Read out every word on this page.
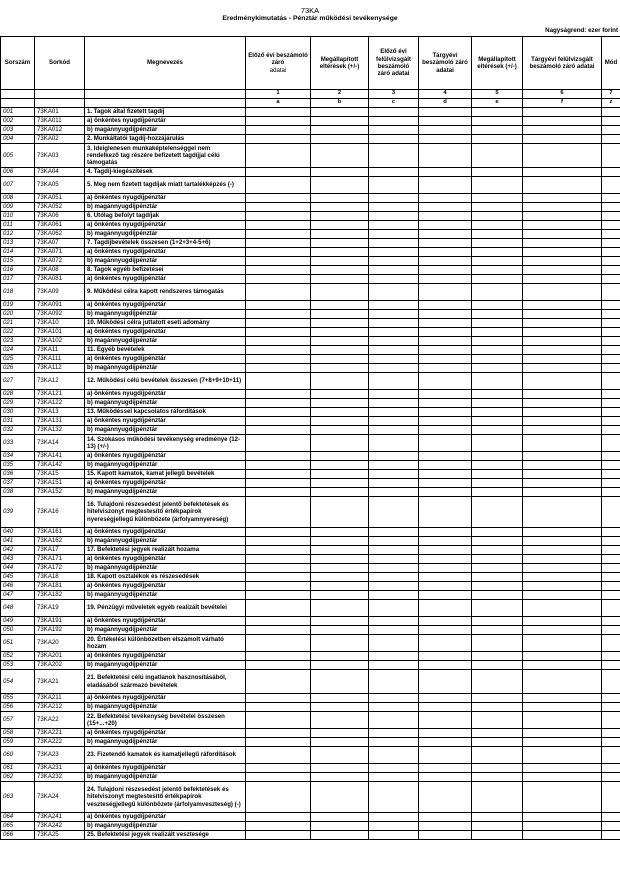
73KA
Eredménykimutatás - Pénztár működési tevékenysége
Nagyságrend: ezer forint
Sorszám	Sorkód	Megnevezés	Előző évi beszámoló záró
adatai	Megállapított eltérések (+/-)	Előző évi felülvizsgált beszámoló záró adatai	Tárgyévi beszámoló záró adatai	Megállapított eltérések (+/-)	Tárgyévi felülvizsgált beszámoló záró adatai	Mód
			1	2	3	4	5	6	7
			a	b	c	d	e	f	z
001	73KA01	1. Tagok által fizetett tagdíj							
002	73KA011	a) önkéntes nyugdíjpénztár							
003	73KA012	b) magánnyugdíjpénztár							
004	73KA02	2. Munkáltatói tagdíj-hozzájárulás							
005	73KA03	3. Ideiglenesen munkaképtelenséggel nem rendelkező tag részére befizetett tagdíjjal célú támogatás							
006	73KA04	4. Tagdíj-kiegészítések							
007	73KA05	5. Meg nem fizetett tagdíjak miatt tartalékképzés (-)							
008	73KA051	a) önkéntes nyugdíjpénztár							
009	73KA052	b) magánnyugdíjpénztár							
010	73KA06	6. Utólag befolyt tagdíjak							
011	73KA061	a) önkéntes nyugdíjpénztár							
012	73KA062	b) magánnyugdíjpénztár							
013	73KA07	7. Tagdíjbevételek összesen (1+2+3+4-5+6)							
014	73KA071	a) önkéntes nyugdíjpénztár							
015	73KA072	b) magánnyugdíjpénztár							
016	73KA08	8. Tagok egyéb befizetései							
017	73KA081	a) önkéntes nyugdíjpénztár							
018	73KA09	9. Működési célra kapott rendszeres támogatás							
019	73KA091	a) önkéntes nyugdíjpénztár							
020	73KA092	b) magánnyugdíjpénztár							
021	73KA10	10. Működési célra juttatott eseti adomány							
022	73KA101	a) önkéntes nyugdíjpénztár							
023	73KA102	b) magánnyugdíjpénztár							
024	73KA11	11. Egyéb bevételek							
025	73KA111	a) önkéntes nyugdíjpénztár							
026	73KA112	b) magánnyugdíjpénztár							
027	73KA12	12. Működési célú bevételek összesen (7+8+9+10+11)							
028	73KA121	a) önkéntes nyugdíjpénztár							
029	73KA122	b) magánnyugdíjpénztár							
030	73KA13	13. Működéssel kapcsolatos ráfordítások							
031	73KA131	a) önkéntes nyugdíjpénztár							
032	73KA132	b) magánnyugdíjpénztár							
033	73KA14	14. Szokásos működési tevékenység eredménye (12-13) (+/-)							
034	73KA141	a) önkéntes nyugdíjpénztár							
035	73KA142	b) magánnyugdíjpénztár							
036	73KA15	15. Kapott kamatok, kamat jellegű bevételek							
037	73KA151	a) önkéntes nyugdíjpénztár							
038	73KA152	b) magánnyugdíjpénztár							
039	73KA16	16. Tulajdoni részesedést jelentő befektetések és hitelviszonyt megtestesítő értékpapírok nyereségjellegű különbözete (árfolyamnyereség)							
040	73KA161	a) önkéntes nyugdíjpénztár							
041	73KA162	b) magánnyugdíjpénztár							
042	73KA17	17. Befektetési jegyek realizált hozama							
043	73KA171	a) önkéntes nyugdíjpénztár							
044	73KA172	b) magánnyugdíjpénztár							
045	73KA18	18. Kapott osztalékok és részesedések							
046	73KA181	a) önkéntes nyugdíjpénztár							
047	73KA182	b) magánnyugdíjpénztár							
048	73KA19	19. Pénzügyi műveletek egyéb realizált bevételei							
049	73KA191	a) önkéntes nyugdíjpénztár							
050	73KA192	b) magánnyugdíjpénztár							
051	73KA20	20. Értékelési különbözetben elszámolt várható hozam							
052	73KA201	a) önkéntes nyugdíjpénztár							
053	73KA202	b) magánnyugdíjpénztár							
054	73KA21	21. Befektetési célú ingatlanok hasznosításából, eladásából származó bevételek							
055	73KA211	a) önkéntes nyugdíjpénztár							
056	73KA212	b) magánnyugdíjpénztár							
057	73KA22	22. Befektetési tevékenység bevételei összesen (15+...+20)							
058	73KA221	a) önkéntes nyugdíjpénztár							
059	73KA222	b) magánnyugdíjpénztár							
060	73KA23	23. Fizetendő kamatok és kamatjellegű ráfordítások							
061	73KA231	a) önkéntes nyugdíjpénztár							
062	73KA232	b) magánnyugdíjpénztár							
063	73KA24	24. Tulajdoni részesedést jelentő befektetések és hitelviszonyt megtestesítő értékpapírok veszteségjellegű különbözete (árfolyamveszteség) (-)							
064	73KA241	a) önkéntes nyugdíjpénztár							
065	73KA242	b) magánnyugdíjpénztár							
066	73KA25	25. Befektetési jegyek realizált vesztesége							
